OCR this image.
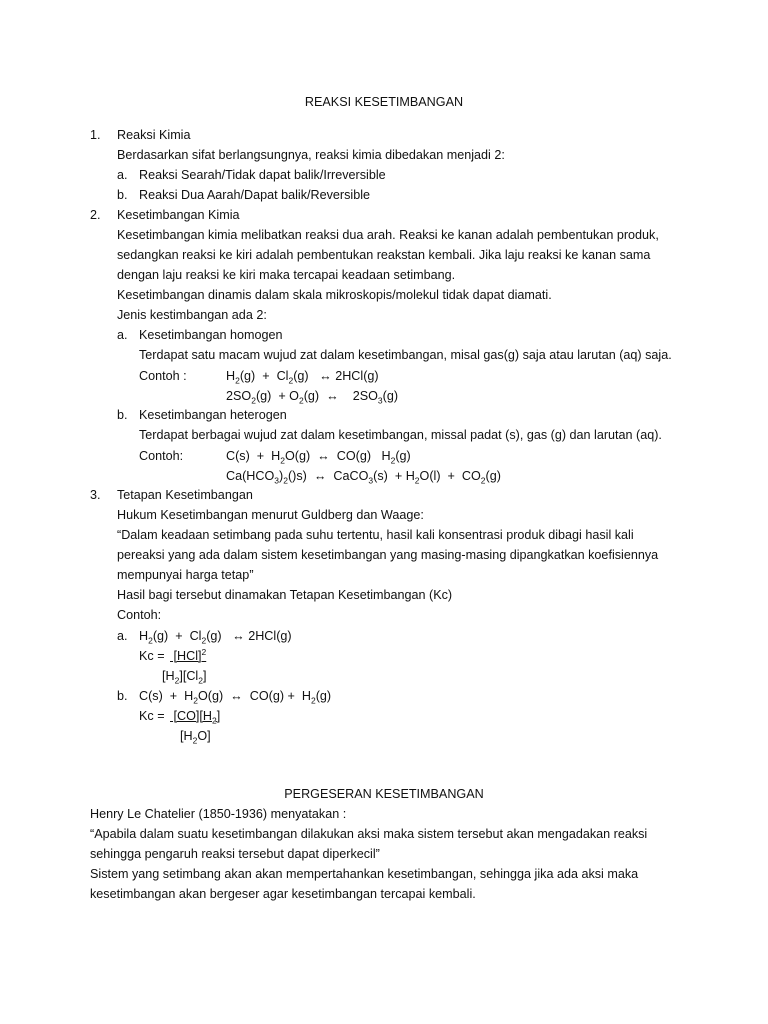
REAKSI KESETIMBANGAN
1. Reaksi Kimia
Berdasarkan sifat berlangsungnya, reaksi kimia dibedakan menjadi 2:
a. Reaksi Searah/Tidak dapat balik/Irreversible
b. Reaksi Dua Aarah/Dapat balik/Reversible
2. Kesetimbangan Kimia
Kesetimbangan kimia melibatkan reaksi dua arah. Reaksi ke kanan adalah pembentukan produk,
sedangkan reaksi ke kiri adalah pembentukan reakstan kembali. Jika laju reaksi ke kanan sama
dengan laju reaksi ke kiri maka tercapai keadaan setimbang.
Kesetimbangan dinamis dalam skala mikroskopis/molekul tidak dapat diamati.
Jenis kestimbangan ada 2:
a. Kesetimbangan homogen
Terdapat satu macam wujud zat dalam kesetimbangan, misal gas(g) saja atau larutan (aq) saja.
Contoh :	$H_2(g) + Cl_2(g)$   ↔ 2HCl(g)
$2SO_2(g) + O_2(g)$  ↔    $2SO_3(g)$
b. Kesetimbangan heterogen
Terdapat berbagai wujud zat dalam kesetimbangan, missal padat (s), gas (g) dan larutan (aq).
Contoh:	$C(s) + H_2O(g)$  ↔  CO(g)   $H_2(g)$
$Ca(HCO_3)_2()s$)  ↔  CaCO$_3$(s)  + $H_2O(l) + CO_2(g)$
3. Tetapan Kesetimbangan
Hukum Kesetimbangan menurut Guldberg dan Waage:
“Dalam keadaan setimbang pada suhu tertentu, hasil kali konsentrasi produk dibagi hasil kali
pereaksi yang ada dalam sistem kesetimbangan yang masing-masing dipangkatkan koefisiennya
mempunyai harga tetap”
Hasil bagi tersebut dinamakan Tetapan Kesetimbangan (Kc)
Contoh:
a. $H_2(g) + Cl_2(g)$   ↔ 2HCl(g)
Kc = [HCl]$^2$
$[H_2][Cl_2]$
b. $C(s) + H_2O(g)$  ↔  $CO(g) + H_2(g)$
$Kc = [CO][H_2]$
$[H_2O]$
PERGESERAN KESETIMBANGAN
Henry Le Chatelier (1850-1936) menyatakan :
“Apabila dalam suatu kesetimbangan dilakukan aksi maka sistem tersebut akan mengadakan reaksi
sehingga pengaruh reaksi tersebut dapat diperkecil”
Sistem yang setimbang akan akan mempertahankan kesetimbangan, sehingga jika ada aksi maka
kesetimbangan akan bergeser agar kesetimbangan tercapai kembali.
